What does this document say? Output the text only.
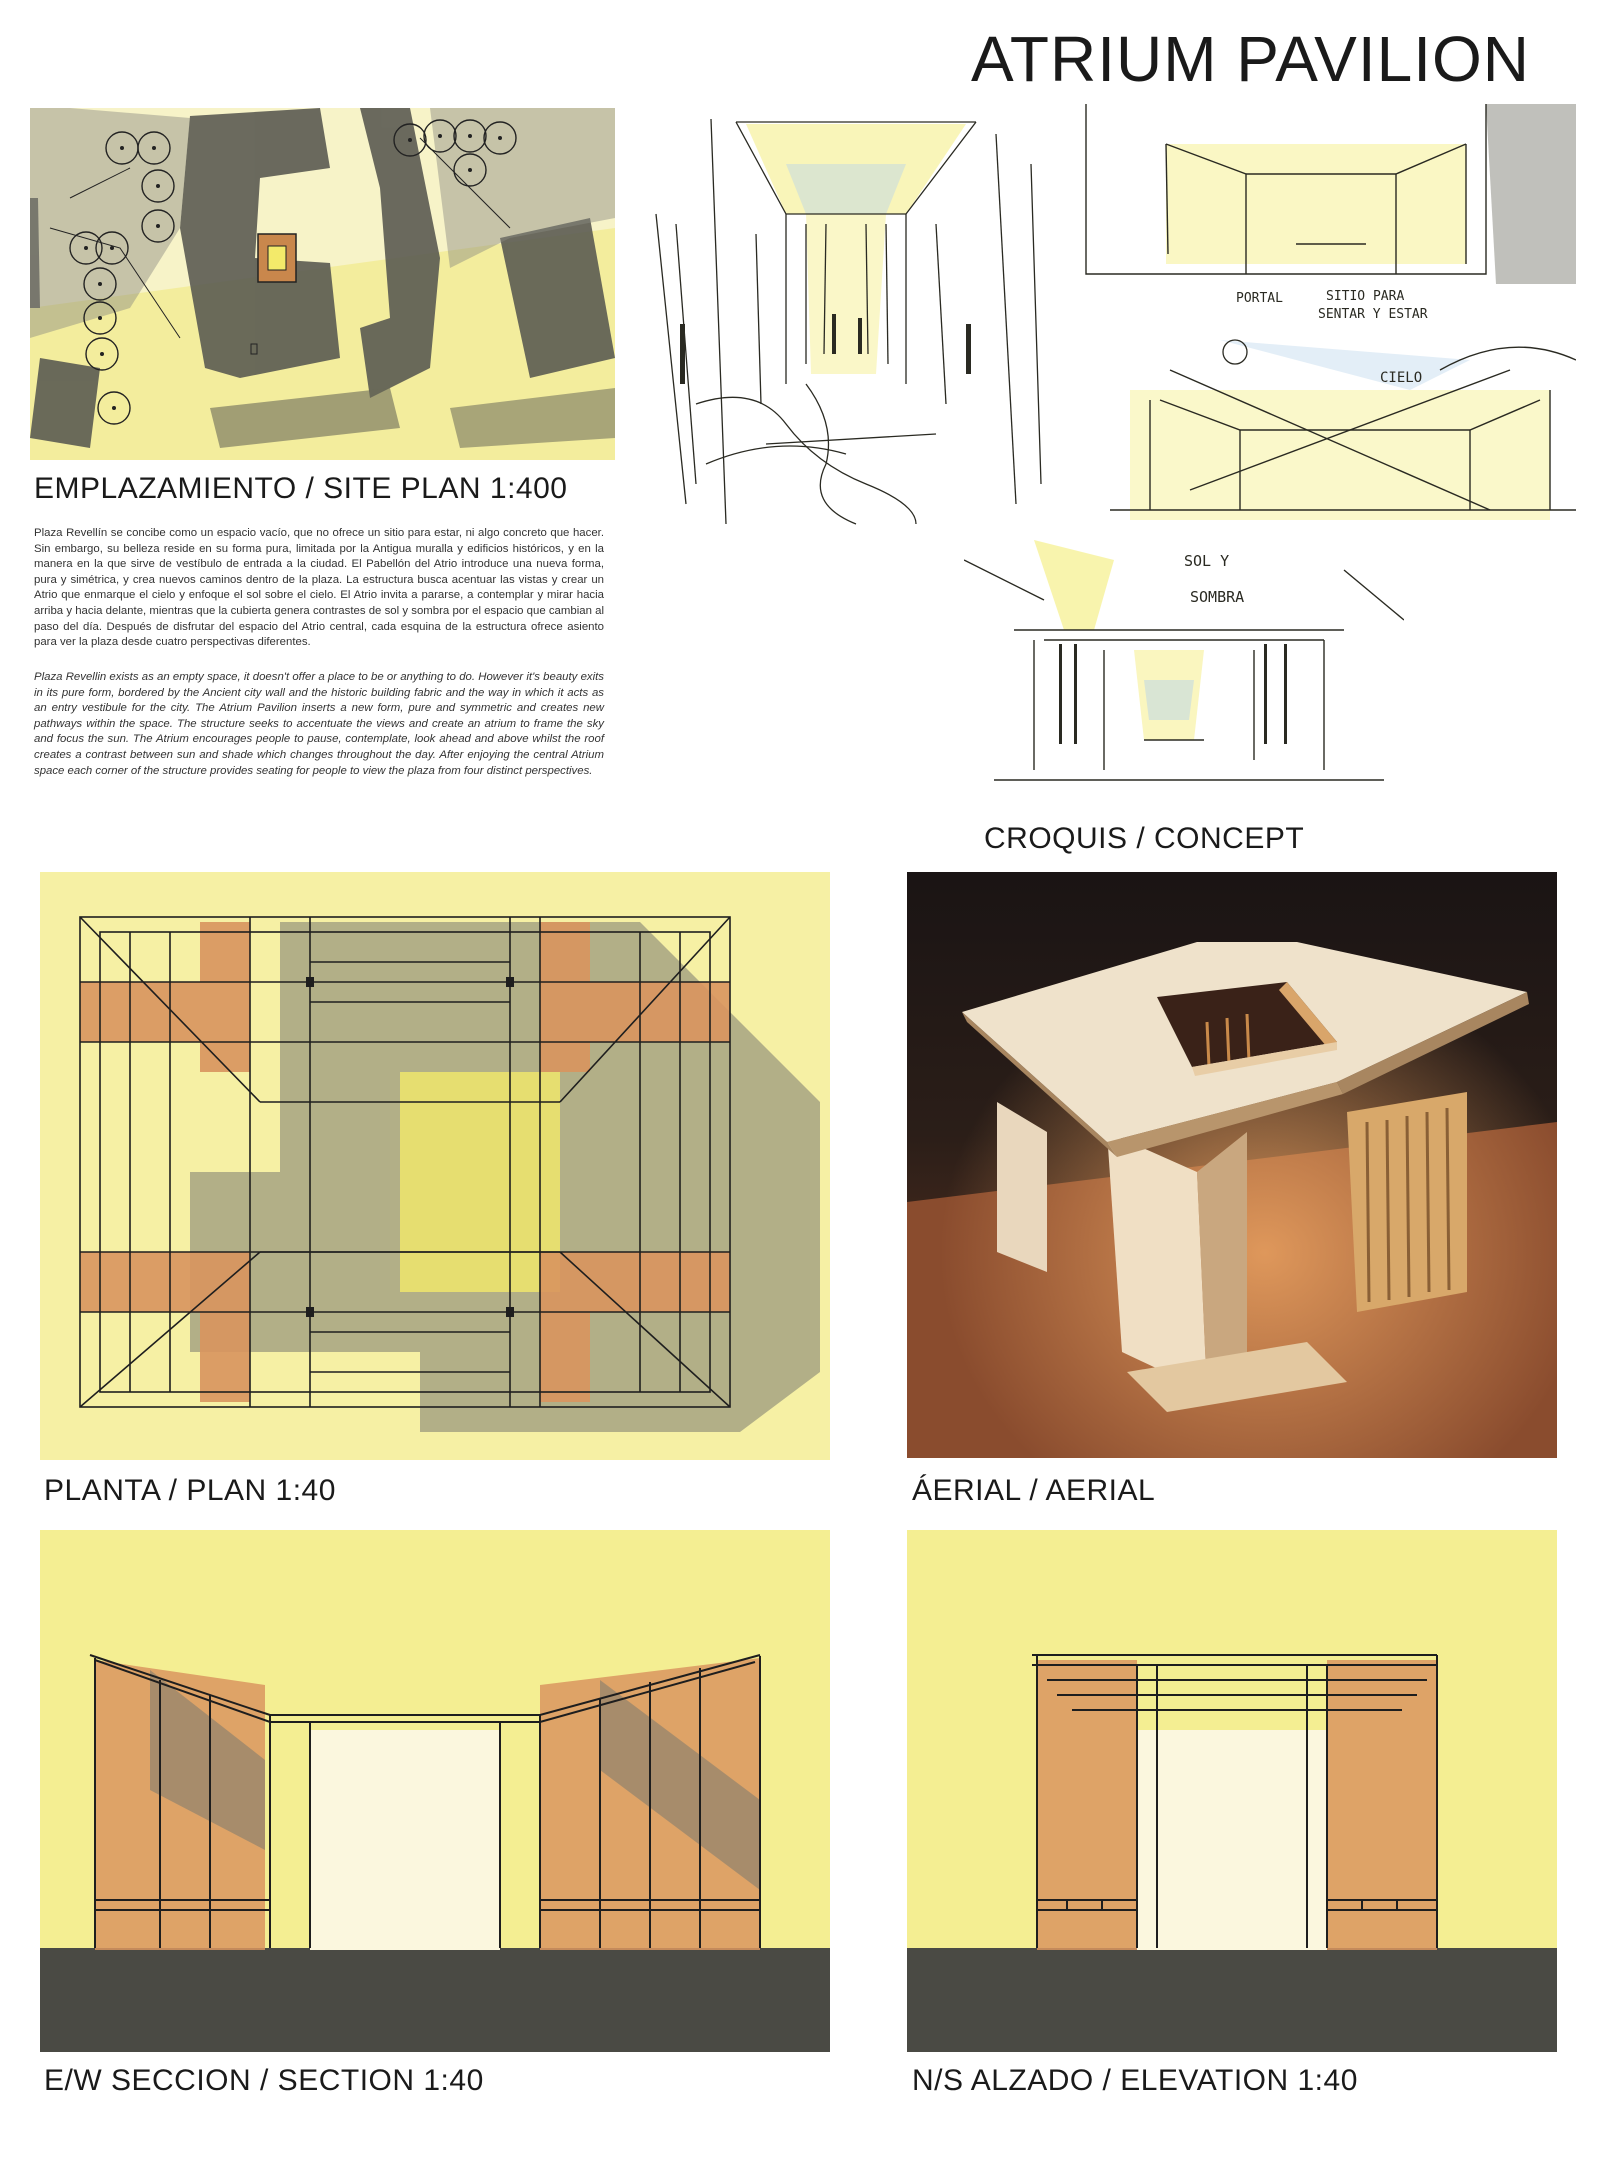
ATRIUM PAVILION
EMPLAZAMIENTO / SITE PLAN 1:400
Plaza Revellín se concibe como un espacio vacío, que no ofrece un sitio para estar, ni algo concreto que hacer. Sin embargo, su belleza reside en su forma pura, limitada por la Antigua muralla y edificios históricos, y en la manera en la que sirve de vestíbulo de entrada a la ciudad. El Pabellón del Atrio introduce una nueva forma, pura y simétrica, y crea nuevos caminos dentro de la plaza. La estructura busca acentuar las vistas y crear un Atrio que enmarque el cielo y enfoque el sol sobre el cielo. El Atrio invita a pararse, a contemplar y mirar hacia arriba y hacia delante, mientras que la cubierta genera contrastes de sol y sombra por el espacio que cambian al paso del día. Después de disfrutar del espacio del Atrio central, cada esquina de la estructura ofrece asiento para ver la plaza desde cuatro perspectivas diferentes.
Plaza Revellin exists as an empty space, it doesn't offer a place to be or anything to do. However it's beauty exits in its pure form, bordered by the Ancient city wall and the historic building fabric and the way in which it acts as an entry vestibule for the city. The Atrium Pavilion inserts a new form, pure and symmetric and creates new pathways within the space. The structure seeks to accentuate the views and create an atrium to frame the sky and focus the sun. The Atrium encourages people to pause, contemplate, look ahead and above whilst the roof creates a contrast between sun and shade which changes throughout the day. After enjoying the central Atrium space each corner of the structure provides seating for people to view the plaza from four distinct perspectives.
PORTAL	SITIO PARA
SENTAR Y ESTAR
CIELO
SOL Y
SOMBRA
CROQUIS / CONCEPT
PLANTA / PLAN 1:40	ÁERIAL / AERIAL
E/W SECCION / SECTION 1:40	N/S ALZADO / ELEVATION 1:40
